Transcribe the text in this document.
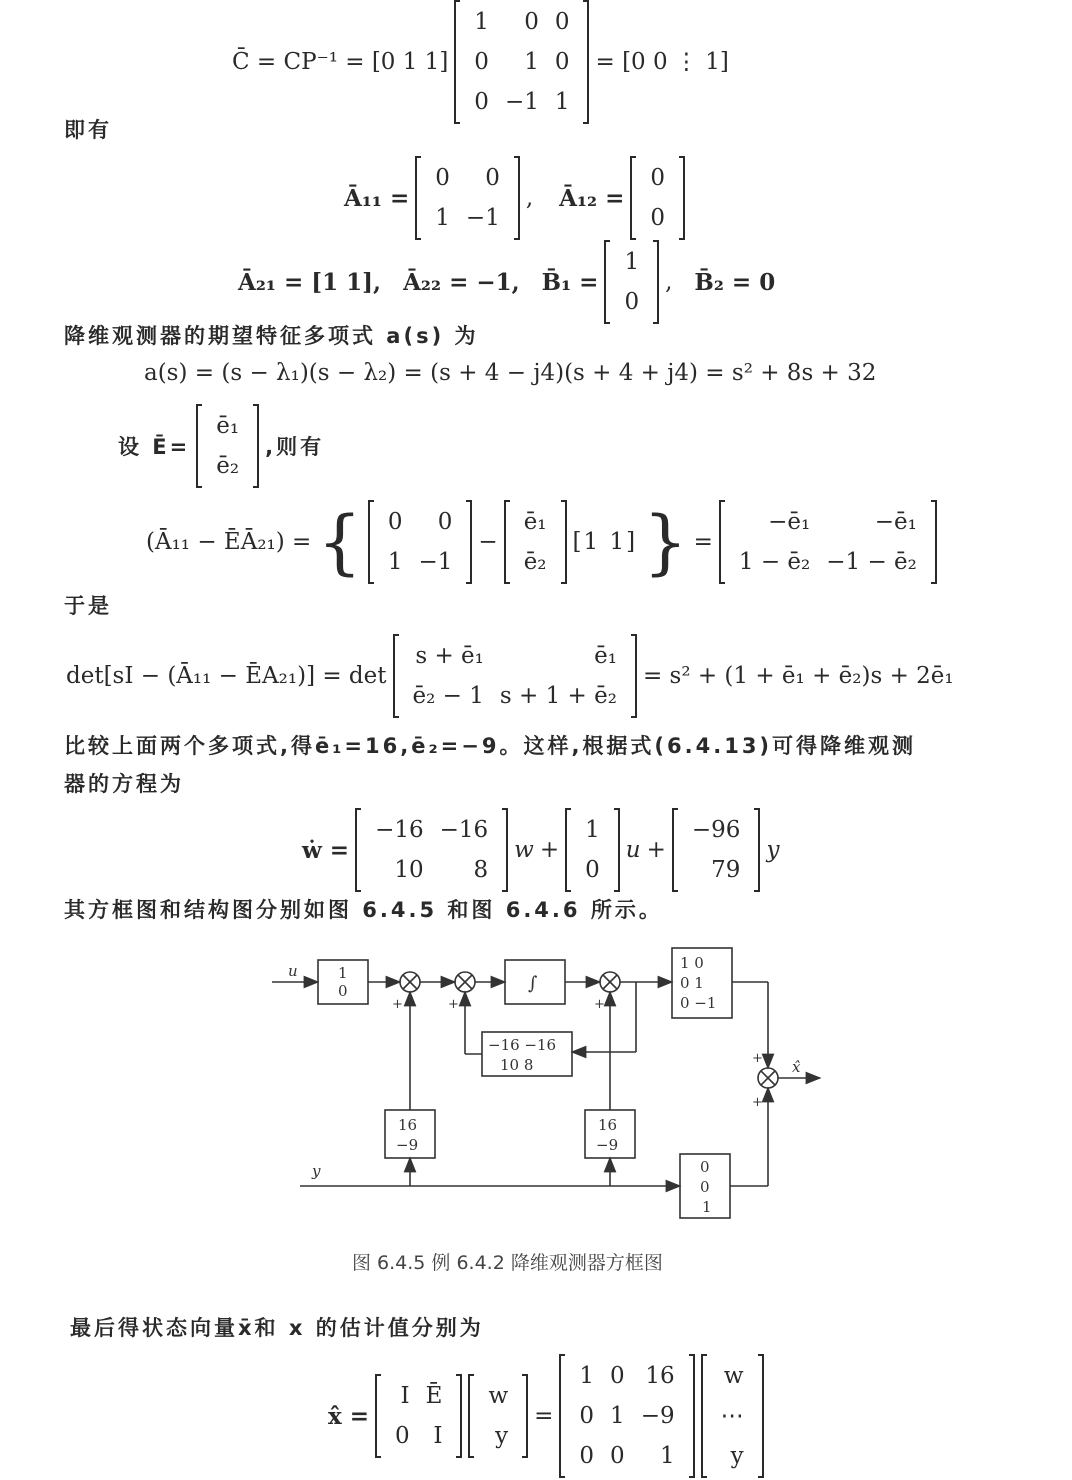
C̄ = CP⁻¹ = [0 1 1]
1	0	0
0	1	0
0	−1	1
= [0 0 ⋮ 1]
即有
Ā₁₁ =
0	0
1	−1
, Ā₁₂ =
0
0
Ā₂₁ = [1 1], Ā₂₂ = −1, B̄₁ =
1
0
, B̄₂ = 0
降维观测器的期望特征多项式 a(s) 为
a(s) = (s − λ₁)(s − λ₂) = (s + 4 − j4)(s + 4 + j4) = s² + 8s + 32
设 Ē=
ē₁
ē₂
,则有
(Ā₁₁ − ĒĀ₂₁) = { 0	0
1	−1
−
ē₁
ē₂
[1 1] } =
−ē₁	−ē₁
1 − ē₂	−1 − ē₂
于是
det[sI − (Ā₁₁ − ĒA₂₁)] = det
s + ē₁	ē₁
ē₂ − 1	s + 1 + ē₂
= s² + (1 + ē₁ + ē₂)s + 2ē₁
比较上面两个多项式,得ē₁=16,ē₂=−9。这样,根据式(6.4.13)可得降维观测
器的方程为
ẇ =
−16	−16
10	8
w +
1
0
u +
−96
79
y
其方框图和结构图分别如图 6.4.5 和图 6.4.6 所示。
u
y
x̂
∫
1
0
−16 −16
10 8
16
−9
16
−9
1 0
0 1
0 −1
0
0
1
+	+	+
+
+
图 6.4.5 例 6.4.2 降维观测器方框图
最后得状态向量x̄和 x 的估计值分别为
x̂ =
I	Ē
0	I
w
y
=
1	0	16
0	1	−9
0	0	1
w
⋯
y
